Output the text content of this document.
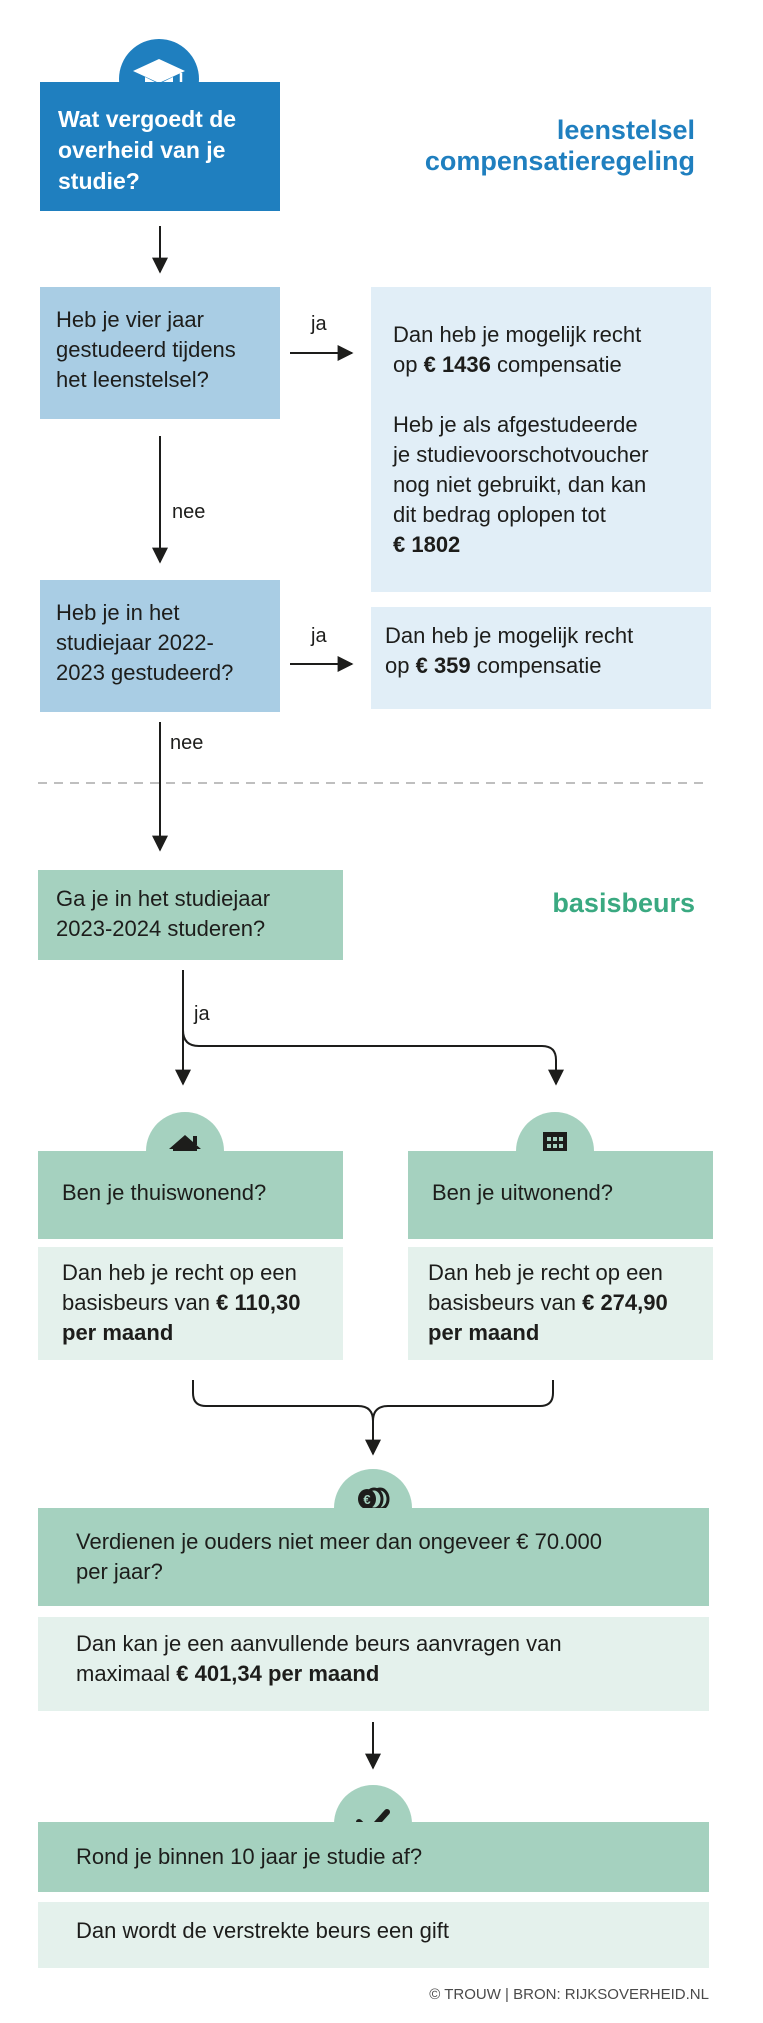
leenstelsel
compensatieregeling
Wat vergoedt de
overheid van je
studie?
Heb je vier jaar
gestudeerd tijdens
het leenstelsel?
ja	Dan heb je mogelijk recht
op € 1436 compensatie
Heb je als afgestudeerde
je studievoorschotvoucher
nog niet gebruikt, dan kan
dit bedrag oplopen tot
€ 1802
nee
Heb je in het
studiejaar 2022-
2023 gestudeerd?
ja	Dan heb je mogelijk recht
op € 359 compensatie
nee
basisbeurs
Ga je in het studiejaar
2023-2024 studeren?
ja
Ben je thuiswonend?
Dan heb je recht op een
basisbeurs van € 110,30
per maand
Ben je uitwonend?
Dan heb je recht op een
basisbeurs van € 274,90
per maand
€
Verdienen je ouders niet meer dan ongeveer € 70.000
per jaar?
Dan kan je een aanvullende beurs aanvragen van
maximaal € 401,34 per maand
Rond je binnen 10 jaar je studie af?
Dan wordt de verstrekte beurs een gift
© TROUW | BRON: RIJKSOVERHEID.NL
